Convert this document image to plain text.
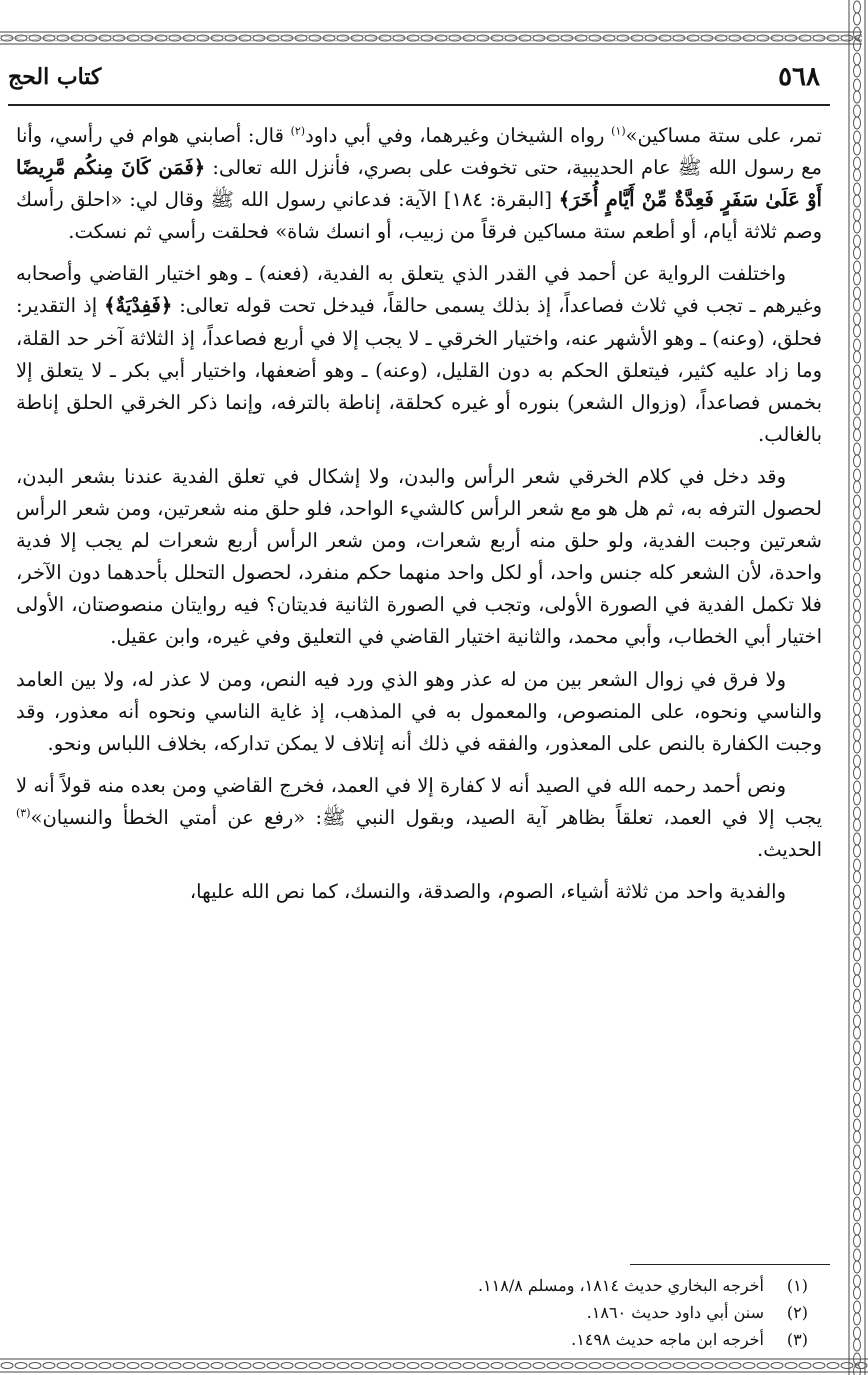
٥٦٨
كتاب الحج

تمر، على ستة مساكين»$^{(١)}$ رواه الشيخان وغيرهما، وفي أبي داود$^{(٢)}$ قال: أصابني هوام في رأسي، وأنا مع رسول الله ﷺ عام الحديبية، حتى تخوفت على بصري، فأنزل الله تعالى: ﴿فَمَن كَانَ مِنكُم مَّرِيضًا أَوْ عَلَىٰ سَفَرٍ فَعِدَّةٌ مِّنْ أَيَّامٍ أُخَرَ﴾ [البقرة: ١٨٤] الآية: فدعاني رسول الله ﷺ وقال لي: «احلق رأسك وصم ثلاثة أيام، أو أطعم ستة مساكين فرقاً من زبيب، أو انسك شاة» فحلقت رأسي ثم نسكت.

واختلفت الرواية عن أحمد في القدر الذي يتعلق به الفدية، (فعنه) ـ وهو اختيار القاضي وأصحابه وغيرهم ـ تجب في ثلاث فصاعداً، إذ بذلك يسمى حالقاً، فيدخل تحت قوله تعالى: ﴿فَفِدْيَةٌ﴾ إذ التقدير: فحلق، (وعنه) ـ وهو الأشهر عنه، واختيار الخرقي ـ لا يجب إلا في أربع فصاعداً، إذ الثلاثة آخر حد القلة، وما زاد عليه كثير، فيتعلق الحكم به دون القليل، (وعنه) ـ وهو أضعفها، واختيار أبي بكر ـ لا يتعلق إلا بخمس فصاعداً، (وزوال الشعر) بنوره أو غيره كحلقة، إناطة بالترفه، وإنما ذكر الخرقي الحلق إناطة بالغالب.

وقد دخل في كلام الخرقي شعر الرأس والبدن، ولا إشكال في تعلق الفدية عندنا بشعر البدن، لحصول الترفه به، ثم هل هو مع شعر الرأس كالشيء الواحد، فلو حلق منه شعرتين، ومن شعر الرأس شعرتين وجبت الفدية، ولو حلق منه أربع شعرات، ومن شعر الرأس أربع شعرات لم يجب إلا فدية واحدة، لأن الشعر كله جنس واحد، أو لكل واحد منهما حكم منفرد، لحصول التحلل بأحدهما دون الآخر، فلا تكمل الفدية في الصورة الأولى، وتجب في الصورة الثانية فديتان؟ فيه روايتان منصوصتان، الأولى اختيار أبي الخطاب، وأبي محمد، والثانية اختيار القاضي في التعليق وفي غيره، وابن عقيل.

ولا فرق في زوال الشعر بين من له عذر وهو الذي ورد فيه النص، ومن لا عذر له، ولا بين العامد والناسي ونحوه، على المنصوص، والمعمول به في المذهب، إذ غاية الناسي ونحوه أنه معذور، وقد وجبت الكفارة بالنص على المعذور، والفقه في ذلك أنه إتلاف لا يمكن تداركه، بخلاف اللباس ونحو.

ونص أحمد رحمه الله في الصيد أنه لا كفارة إلا في العمد، فخرج القاضي ومن بعده منه قولاً أنه لا يجب إلا في العمد، تعلقاً بظاهر آية الصيد، وبقول النبي ﷺ: «رفع عن أمتي الخطأ والنسيان»$^{(٣)}$ الحديث.

والفدية واحد من ثلاثة أشياء، الصوم، والصدقة، والنسك، كما نص الله عليها،

(١)
أخرجه البخاري حديث ١٨١٤، ومسلم ١١٨/٨.
(٢)
سنن أبي داود حديث ١٨٦٠.
(٣)
أخرجه ابن ماجه حديث ١٤٩٨.
